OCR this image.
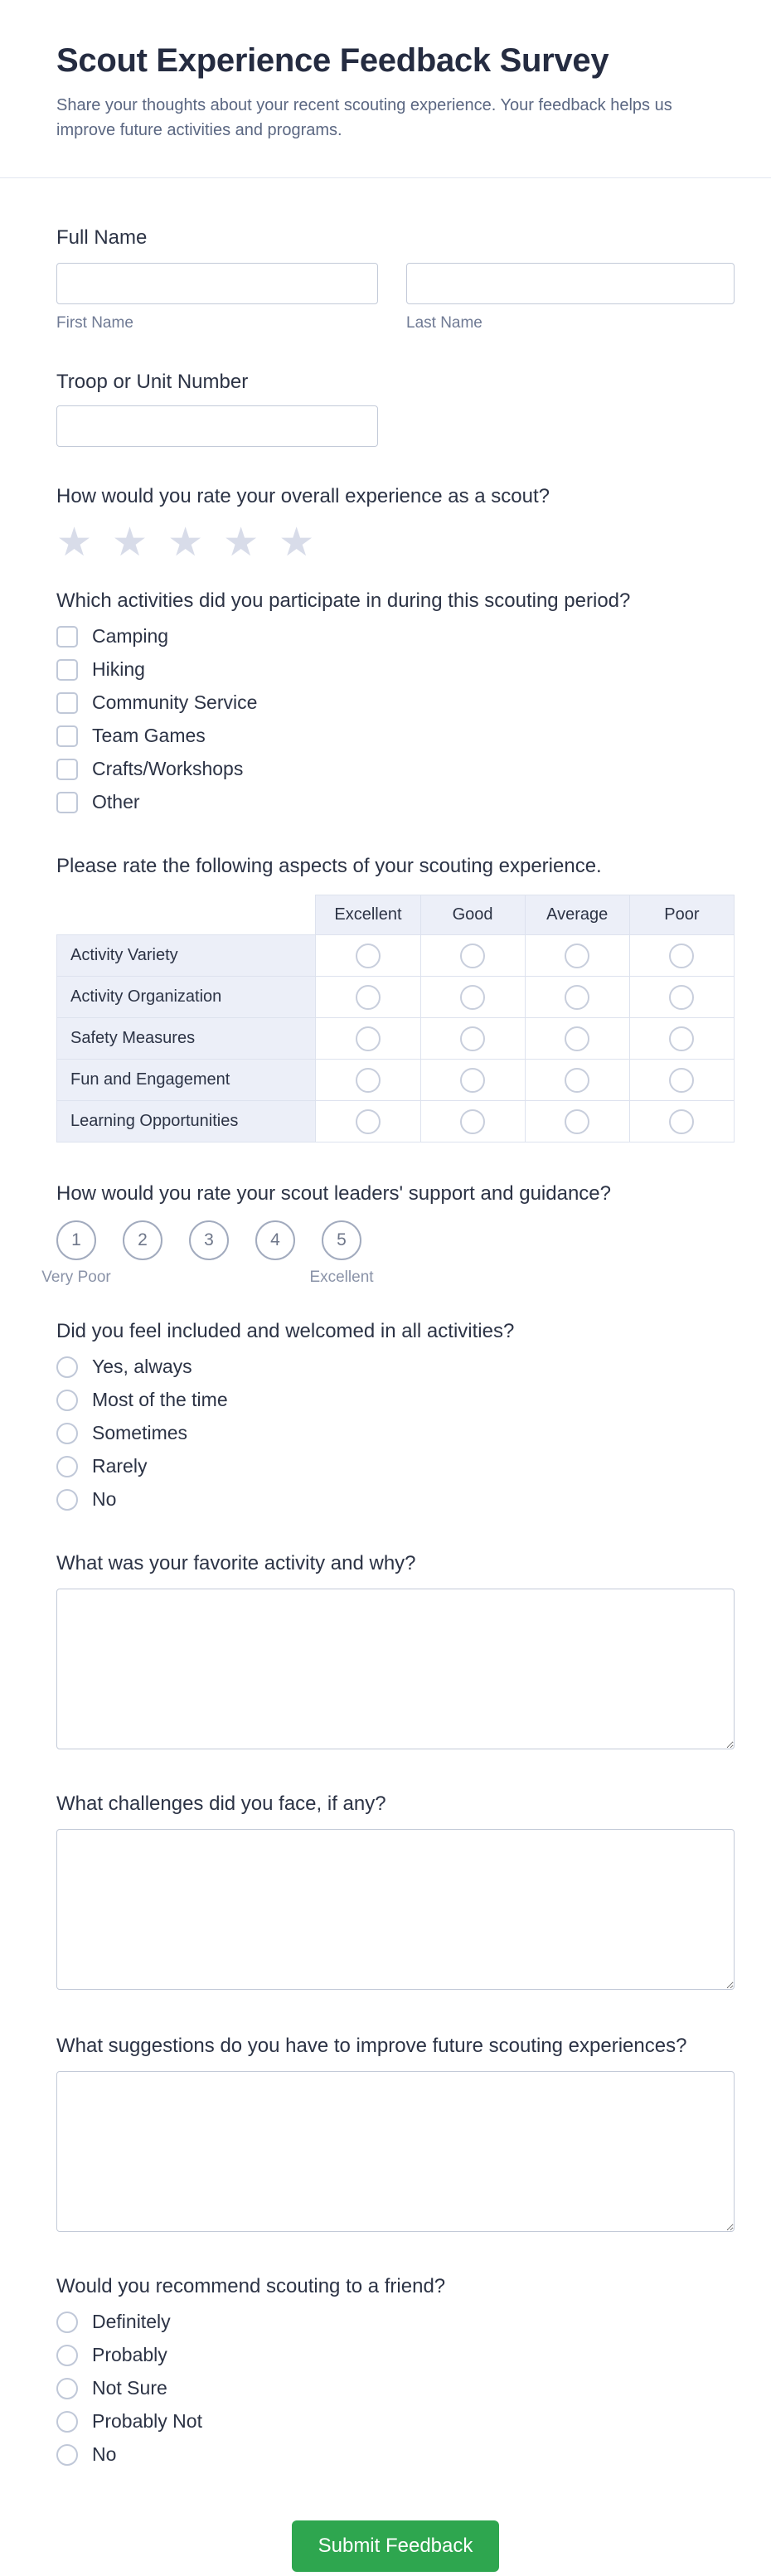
Scout Experience Feedback Survey
Share your thoughts about your recent scouting experience. Your feedback helps us improve future activities and programs.
Full Name
First Name	Last Name
Troop or Unit Number
How would you rate your overall experience as a scout?
★ ★ ★ ★ ★
Which activities did you participate in during this scouting period?
Camping
Hiking
Community Service
Team Games
Crafts/Workshops
Other
Please rate the following aspects of your scouting experience.
	Excellent	Good	Average	Poor
Activity Variety				
Activity Organization				
Safety Measures				
Fun and Engagement				
Learning Opportunities				
How would you rate your scout leaders' support and guidance?
1	2	3	4	5
Very Poor	Excellent
Did you feel included and welcomed in all activities?
Yes, always
Most of the time
Sometimes
Rarely
No
What was your favorite activity and why?
What challenges did you face, if any?
What suggestions do you have to improve future scouting experiences?
Would you recommend scouting to a friend?
Definitely
Probably
Not Sure
Probably Not
No
Submit Feedback
